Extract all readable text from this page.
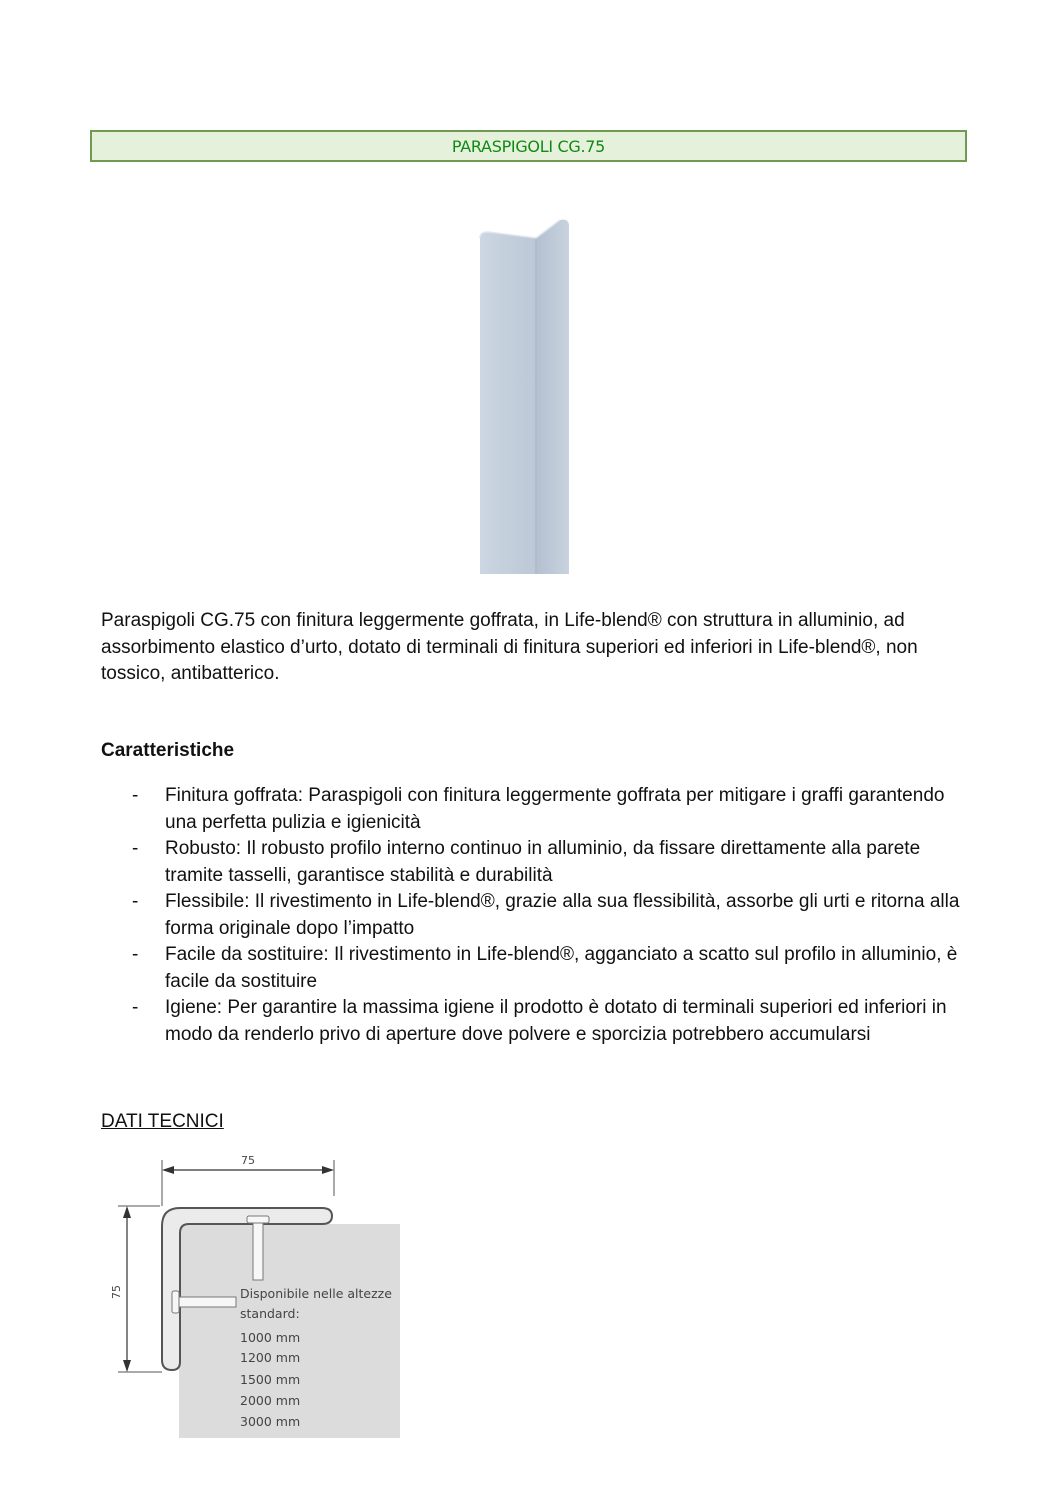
PARASPIGOLI CG.75

Paraspigoli CG.75 con finitura leggermente goffrata, in Life-blend® con struttura in alluminio, ad assorbimento elastico d’urto, dotato di terminali di finitura superiori ed inferiori in Life-blend®, non tossico, antibatterico.

Caratteristiche
- Finitura goffrata: Paraspigoli con finitura leggermente goffrata per mitigare i graffi garantendo una perfetta pulizia e igienicità
- Robusto: Il robusto profilo interno continuo in alluminio, da fissare direttamente alla parete tramite tasselli, garantisce stabilità e durabilità
- Flessibile: Il rivestimento in Life-blend®, grazie alla sua flessibilità, assorbe gli urti e ritorna alla forma originale dopo l’impatto
- Facile da sostituire: Il rivestimento in Life-blend®, agganciato a scatto sul profilo in alluminio, è facile da sostituire
- Igiene: Per garantire la massima igiene il prodotto è dotato di terminali superiori ed inferiori in modo da renderlo privo di aperture dove polvere e sporcizia potrebbero accumularsi

DATI TECNICI

75
75	Disponibile nelle altezze
standard:
1000 mm
1200 mm
1500 mm
2000 mm
3000 mm
